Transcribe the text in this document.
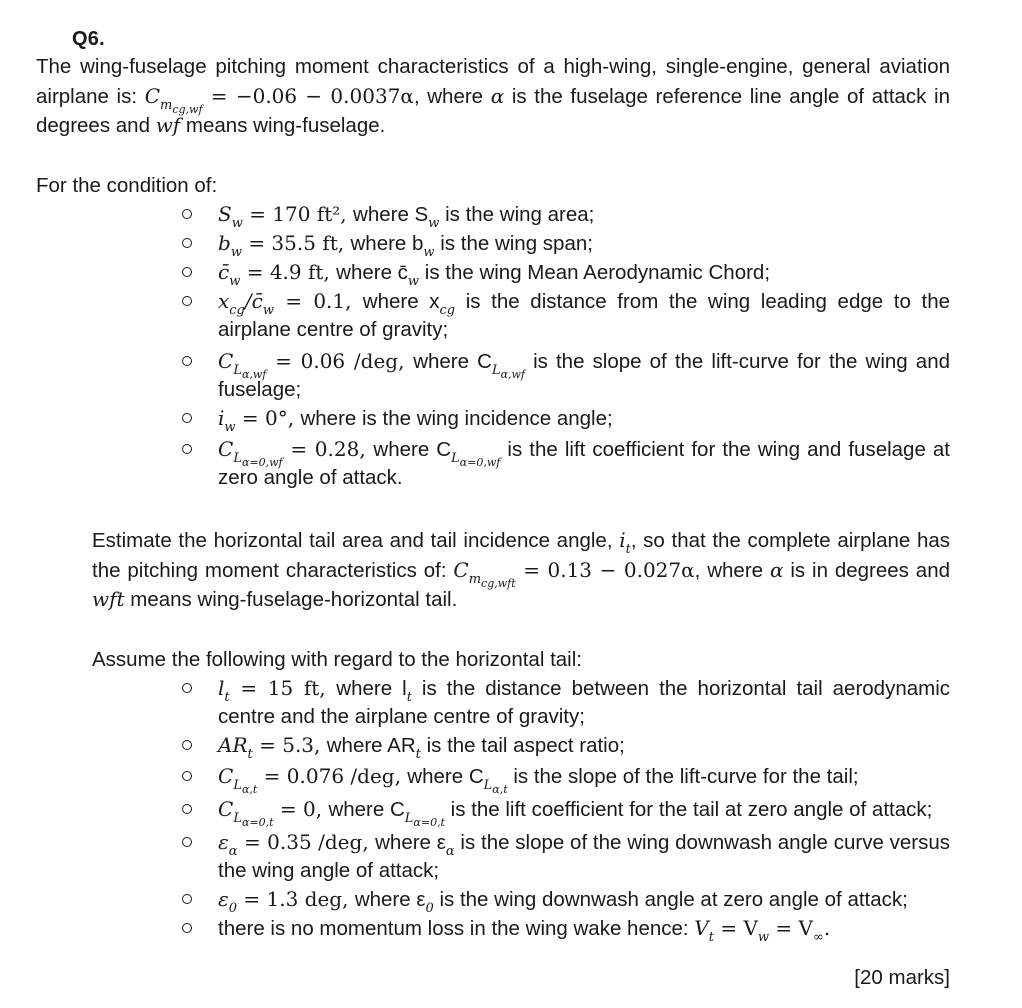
Q6.
The wing-fuselage pitching moment characteristics of a high-wing, single-engine, general aviation airplane is: $C_{m_{cg,wf}} = -0.06 - 0.0037\alpha$, where α is the fuselage reference line angle of attack in degrees and wf means wing-fuselage.
For the condition of:
$S_w = 170$ ft², where $S_w$ is the wing area;
$b_w = 35.5$ ft, where $b_w$ is the wing span;
$c̄_w = 4.9$ ft, where $c̄_w$ is the wing Mean Aerodynamic Chord;
$x_{cg}/c̄_w = 0.1$, where $x_{cg}$ is the distance from the wing leading edge to the airplane centre of gravity;
$C_{L_{\alpha,wf}} = 0.06$ /deg, where $C_{L_{\alpha,wf}}$ is the slope of the lift-curve for the wing and fuselage;
$i_w = 0^\circ$, where is the wing incidence angle;
$C_{L_{\alpha=0,wf}} = 0.28$, where $C_{L_{\alpha=0,wf}}$ is the lift coefficient for the wing and fuselage at zero angle of attack.
Estimate the horizontal tail area and tail incidence angle, $i_t$, so that the complete airplane has the pitching moment characteristics of: $C_{m_{cg,wft}} = 0.13 - 0.027\alpha$, where α is in degrees and wft means wing-fuselage-horizontal tail.
Assume the following with regard to the horizontal tail:
$l_t = 15$ ft, where $l_t$ is the distance between the horizontal tail aerodynamic centre and the airplane centre of gravity;
$AR_t = 5.3$, where $AR_t$ is the tail aspect ratio;
$C_{L_{\alpha,t}} = 0.076$ /deg, where $C_{L_{\alpha,t}}$ is the slope of the lift-curve for the tail;
$C_{L_{\alpha=0,t}} = 0$, where $C_{L_{\alpha=0,t}}$ is the lift coefficient for the tail at zero angle of attack;
$\varepsilon_\alpha = 0.35$ /deg, where $\varepsilon_\alpha$ is the slope of the wing downwash angle curve versus the wing angle of attack;
$\varepsilon_0 = 1.3$ deg, where $\varepsilon_0$ is the wing downwash angle at zero angle of attack;
there is no momentum loss in the wing wake hence: $V_t = V_w = V_\infty$.
[20 marks]
